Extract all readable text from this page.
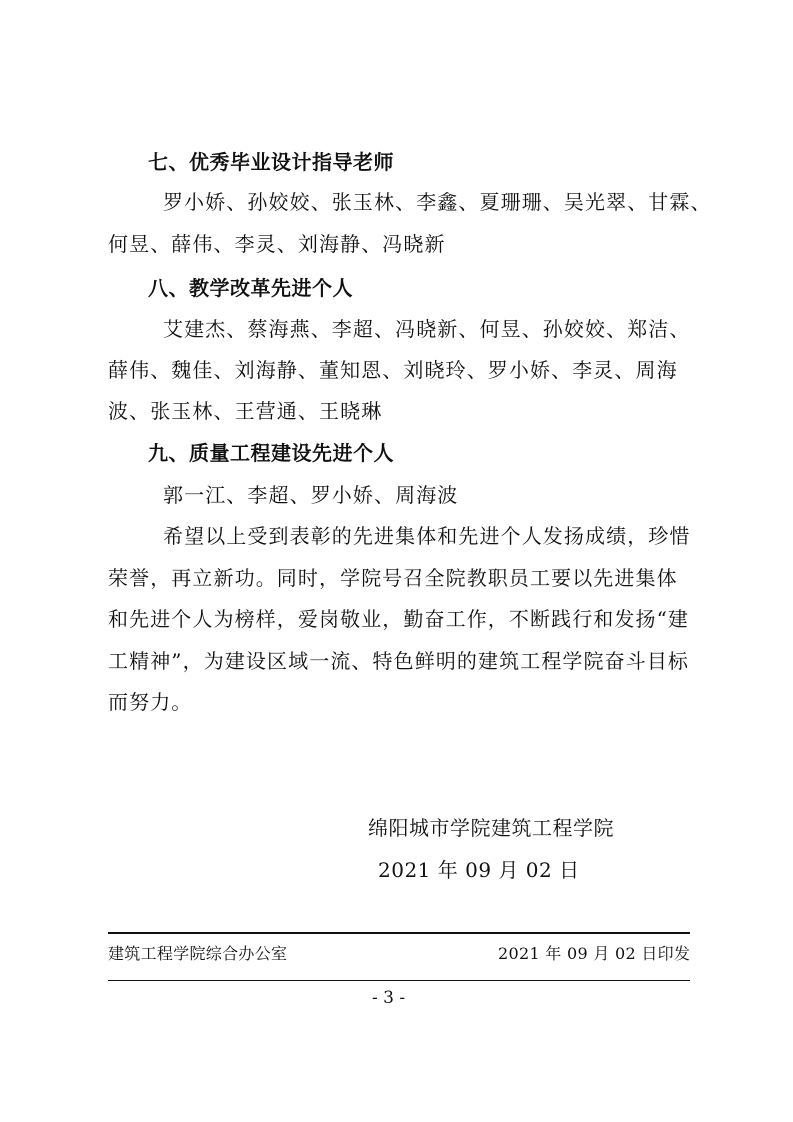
七、优秀毕业设计指导老师
罗小娇、孙姣姣、张玉林、李鑫、夏珊珊、吴光翠、甘霖、
何昱、薛伟、李灵、刘海静、冯晓新
八、教学改革先进个人
艾建杰、蔡海燕、李超、冯晓新、何昱、孙姣姣、郑洁、
薛伟、魏佳、刘海静、董知恩、刘晓玲、罗小娇、李灵、周海
波、张玉林、王营通、王晓琳
九、质量工程建设先进个人
郭一江、李超、罗小娇、周海波
希望以上受到表彰的先进集体和先进个人发扬成绩，珍惜
荣誉，再立新功。同时，学院号召全院教职员工要以先进集体
和先进个人为榜样，爱岗敬业，勤奋工作，不断践行和发扬“建
工精神”，为建设区域一流、特色鲜明的建筑工程学院奋斗目标
而努力。
绵阳城市学院建筑工程学院
2021 年 09 月 02 日
建筑工程学院综合办公室	2021 年 09 月 02 日印发
- 3 -
